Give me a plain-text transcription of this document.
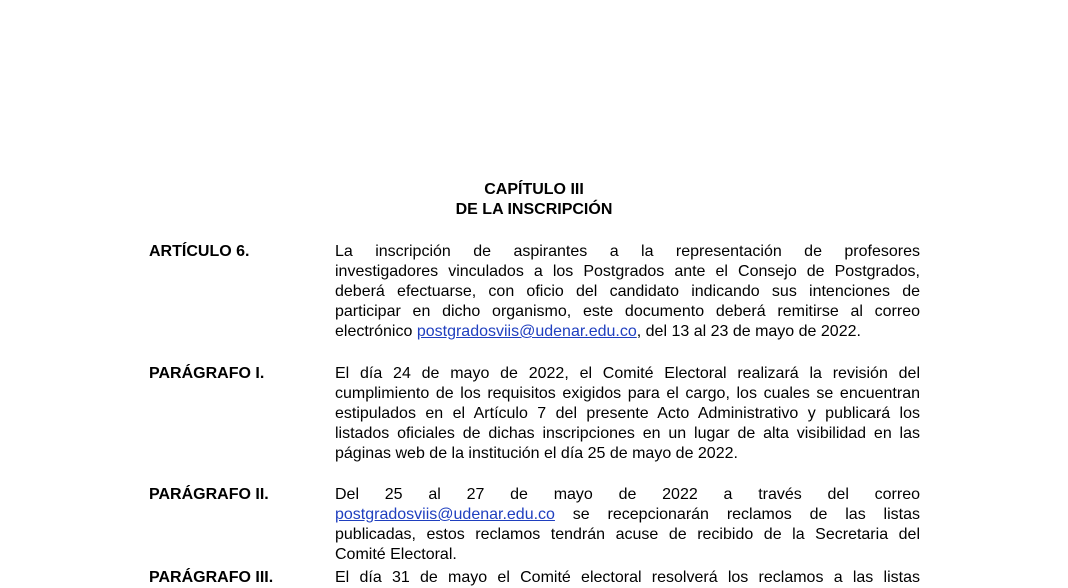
CAPÍTULO III
DE LA INSCRIPCIÓN
ARTÍCULO 6.	La inscripción de aspirantes a la representación de profesores
investigadores vinculados a los Postgrados ante el Consejo de Postgrados,
deberá efectuarse, con oficio del candidato indicando sus intenciones de
participar en dicho organismo, este documento deberá remitirse al correo
electrónico postgradosviis@udenar.edu.co, del 13 al 23 de mayo de 2022.
PARÁGRAFO I.	El día 24 de mayo de 2022, el Comité Electoral realizará la revisión del
cumplimiento de los requisitos exigidos para el cargo, los cuales se encuentran
estipulados en el Artículo 7 del presente Acto Administrativo y publicará los
listados oficiales de dichas inscripciones en un lugar de alta visibilidad en las
páginas web de la institución el día 25 de mayo de 2022.
PARÁGRAFO II.	Del 25 al 27 de mayo de 2022 a través del correo
postgradosviis@udenar.edu.co se recepcionarán reclamos de las listas
publicadas, estos reclamos tendrán acuse de recibido de la Secretaria del
Comité Electoral.
PARÁGRAFO III.	El día 31 de mayo el Comité electoral resolverá los reclamos a las listas
